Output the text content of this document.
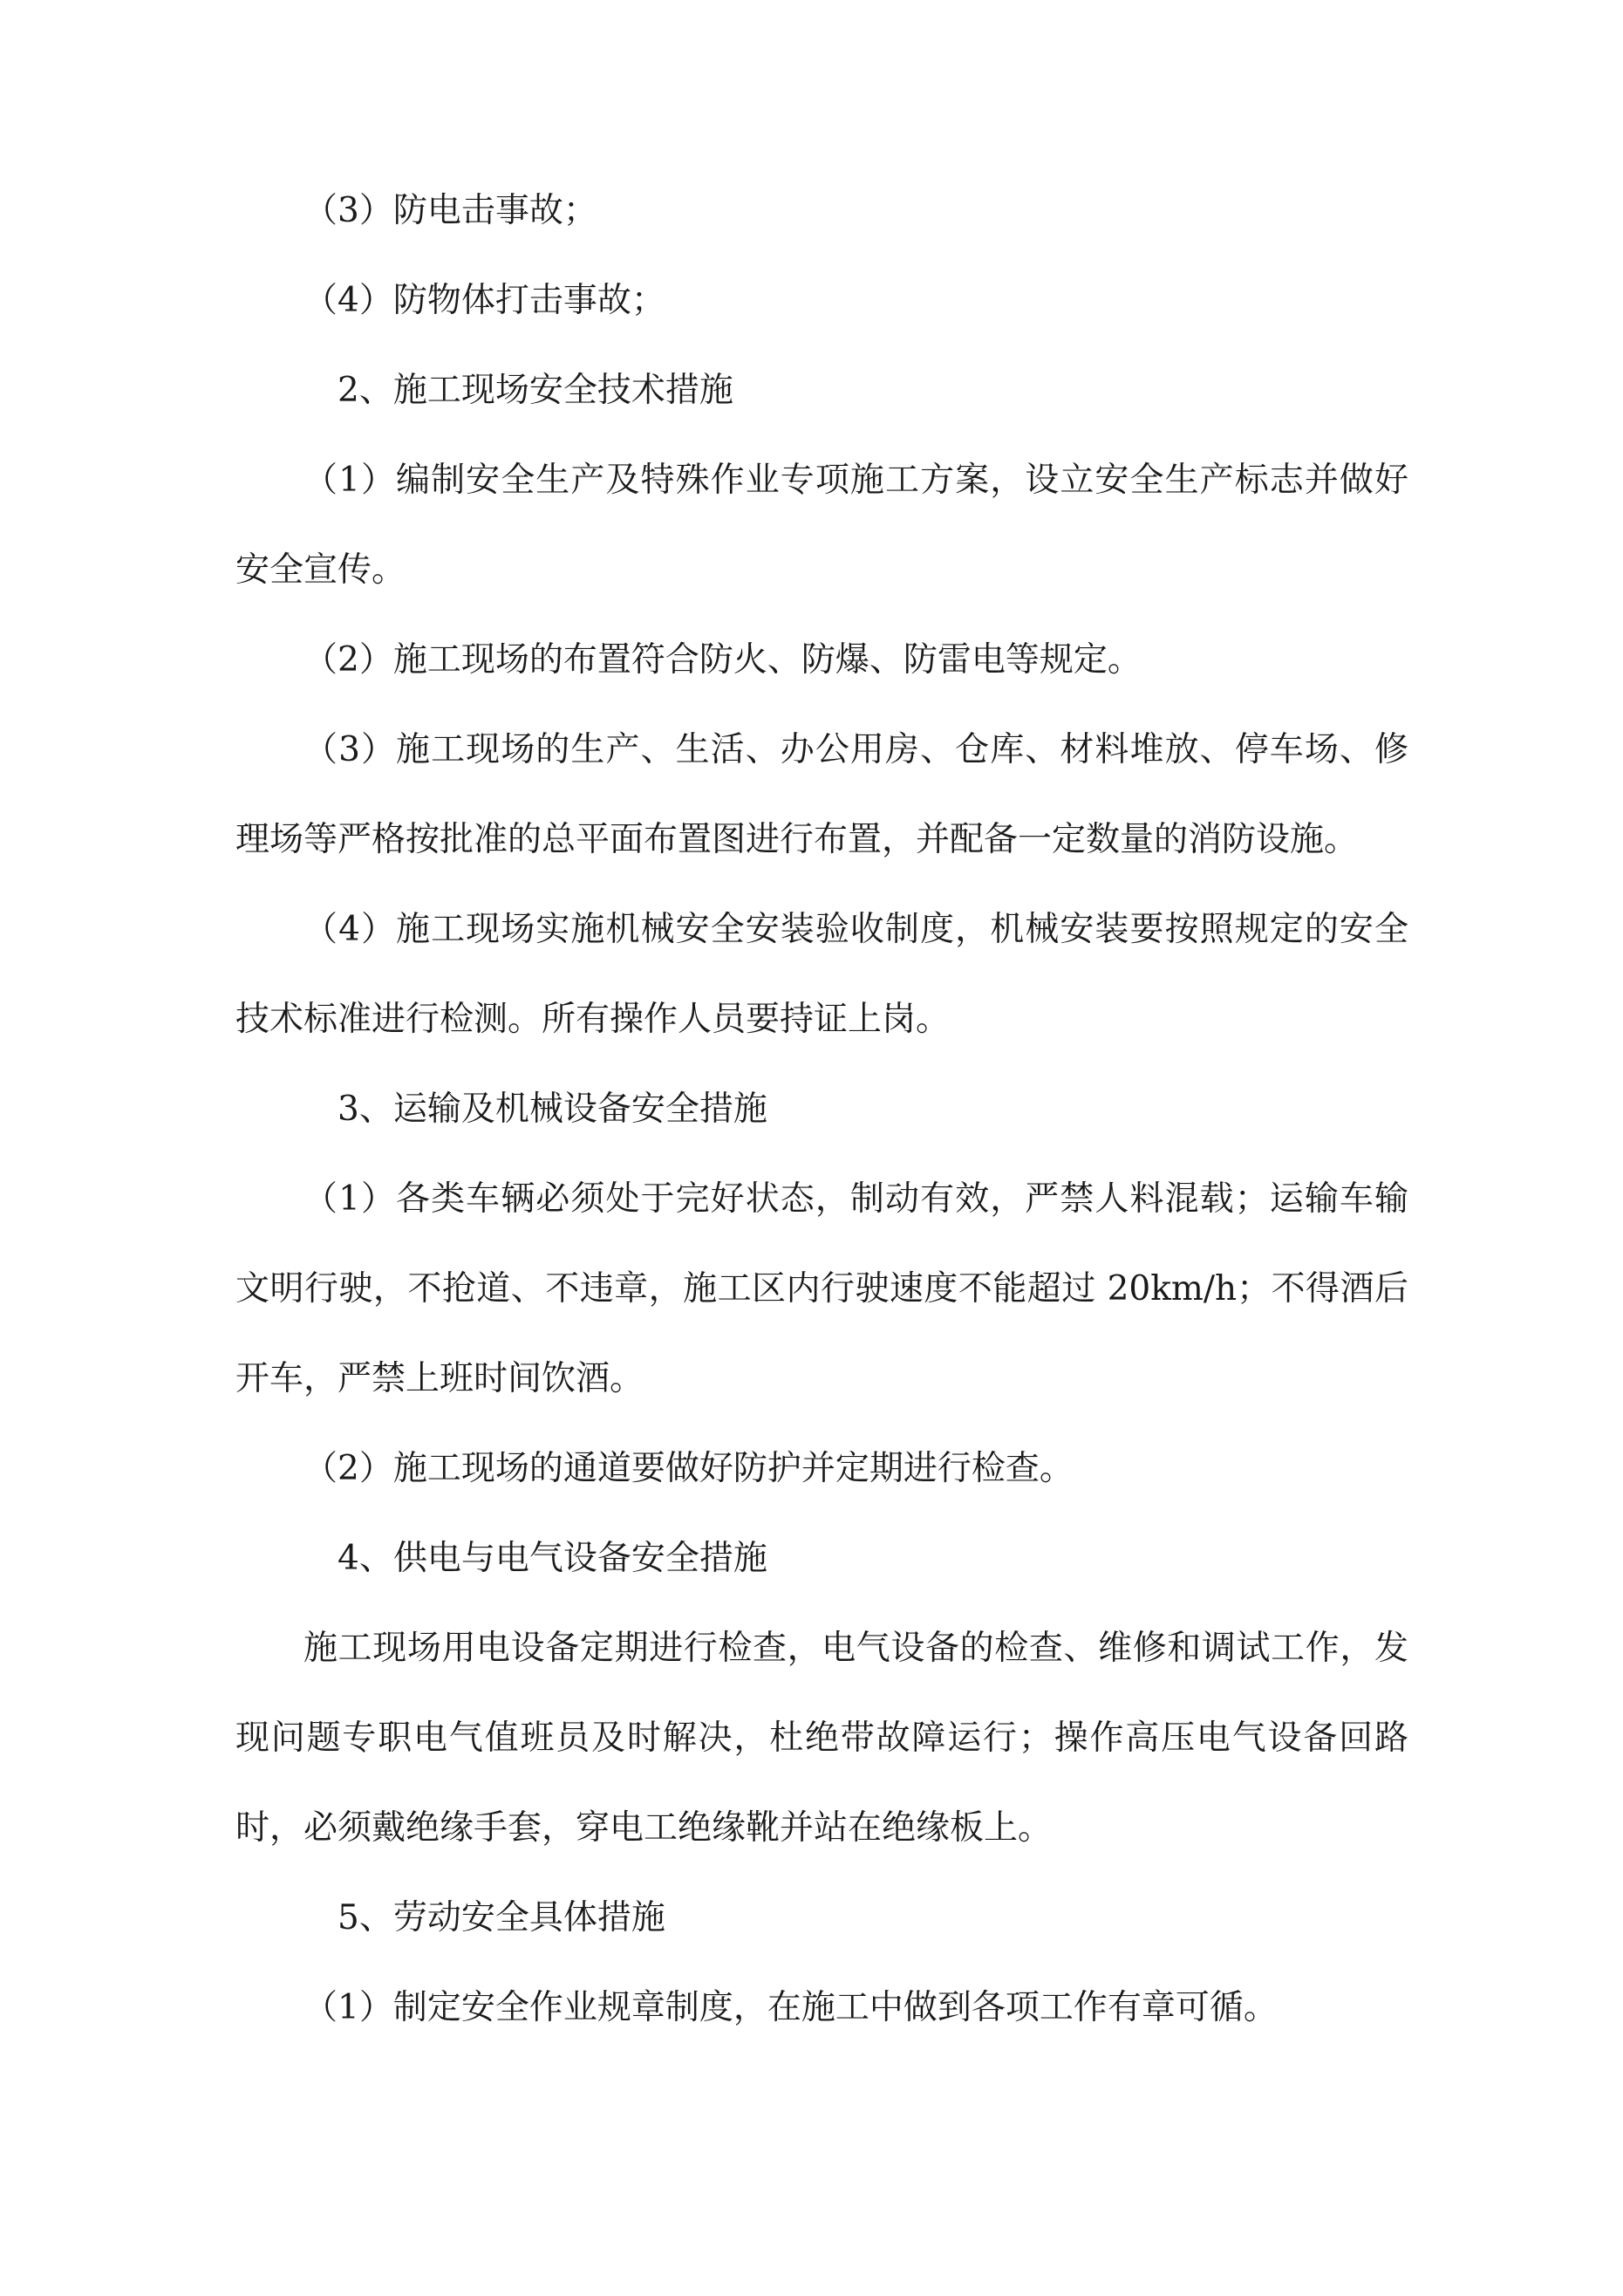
（3）防电击事故；

（4）防物体打击事故；

2、施工现场安全技术措施

（1）编制安全生产及特殊作业专项施工方案，设立安全生产标志并做好安全宣传。

（2）施工现场的布置符合防火、防爆、防雷电等规定。

（3）施工现场的生产、生活、办公用房、仓库、材料堆放、停车场、修理场等严格按批准的总平面布置图进行布置，并配备一定数量的消防设施。

（4）施工现场实施机械安全安装验收制度，机械安装要按照规定的安全技术标准进行检测。所有操作人员要持证上岗。

3、运输及机械设备安全措施

（1）各类车辆必须处于完好状态，制动有效，严禁人料混载；运输车输文明行驶，不抢道、不违章，施工区内行驶速度不能超过 20km/h；不得酒后开车，严禁上班时间饮酒。

（2）施工现场的通道要做好防护并定期进行检查。

4、供电与电气设备安全措施

施工现场用电设备定期进行检查，电气设备的检查、维修和调试工作，发现问题专职电气值班员及时解决，杜绝带故障运行；操作高压电气设备回路时，必须戴绝缘手套，穿电工绝缘靴并站在绝缘板上。

5、劳动安全具体措施

（1）制定安全作业规章制度，在施工中做到各项工作有章可循。
